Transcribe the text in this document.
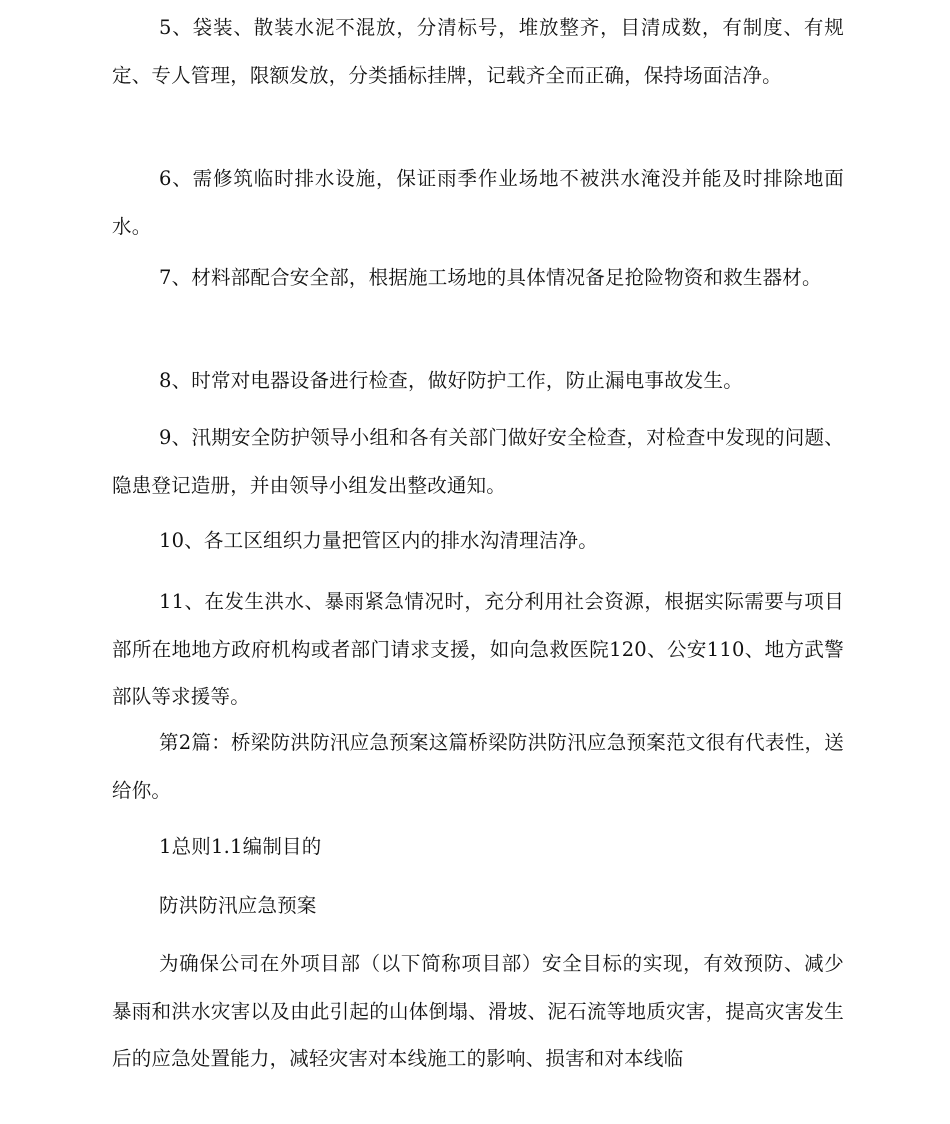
5、袋装、散装水泥不混放，分清标号，堆放整齐，目清成数，有制度、有规定、专人管理，限额发放，分类插标挂牌，记载齐全而正确，保持场面洁净。

6、需修筑临时排水设施，保证雨季作业场地不被洪水淹没并能及时排除地面水。

7、材料部配合安全部，根据施工场地的具体情况备足抢险物资和救生器材。

8、时常对电器设备进行检查，做好防护工作，防止漏电事故发生。

9、汛期安全防护领导小组和各有关部门做好安全检查，对检查中发现的问题、隐患登记造册，并由领导小组发出整改通知。

10、各工区组织力量把管区内的排水沟清理洁净。

11、在发生洪水、暴雨紧急情况时，充分利用社会资源，根据实际需要与项目部所在地地方政府机构或者部门请求支援，如向急救医院120、公安110、地方武警部队等求援等。

第2篇：桥梁防洪防汛应急预案这篇桥梁防洪防汛应急预案范文很有代表性，送给你。

1总则1.1编制目的

防洪防汛应急预案

为确保公司在外项目部（以下简称项目部）安全目标的实现，有效预防、减少暴雨和洪水灾害以及由此引起的山体倒塌、滑坡、泥石流等地质灾害，提高灾害发生后的应急处置能力，减轻灾害对本线施工的影响、损害和对本线临
